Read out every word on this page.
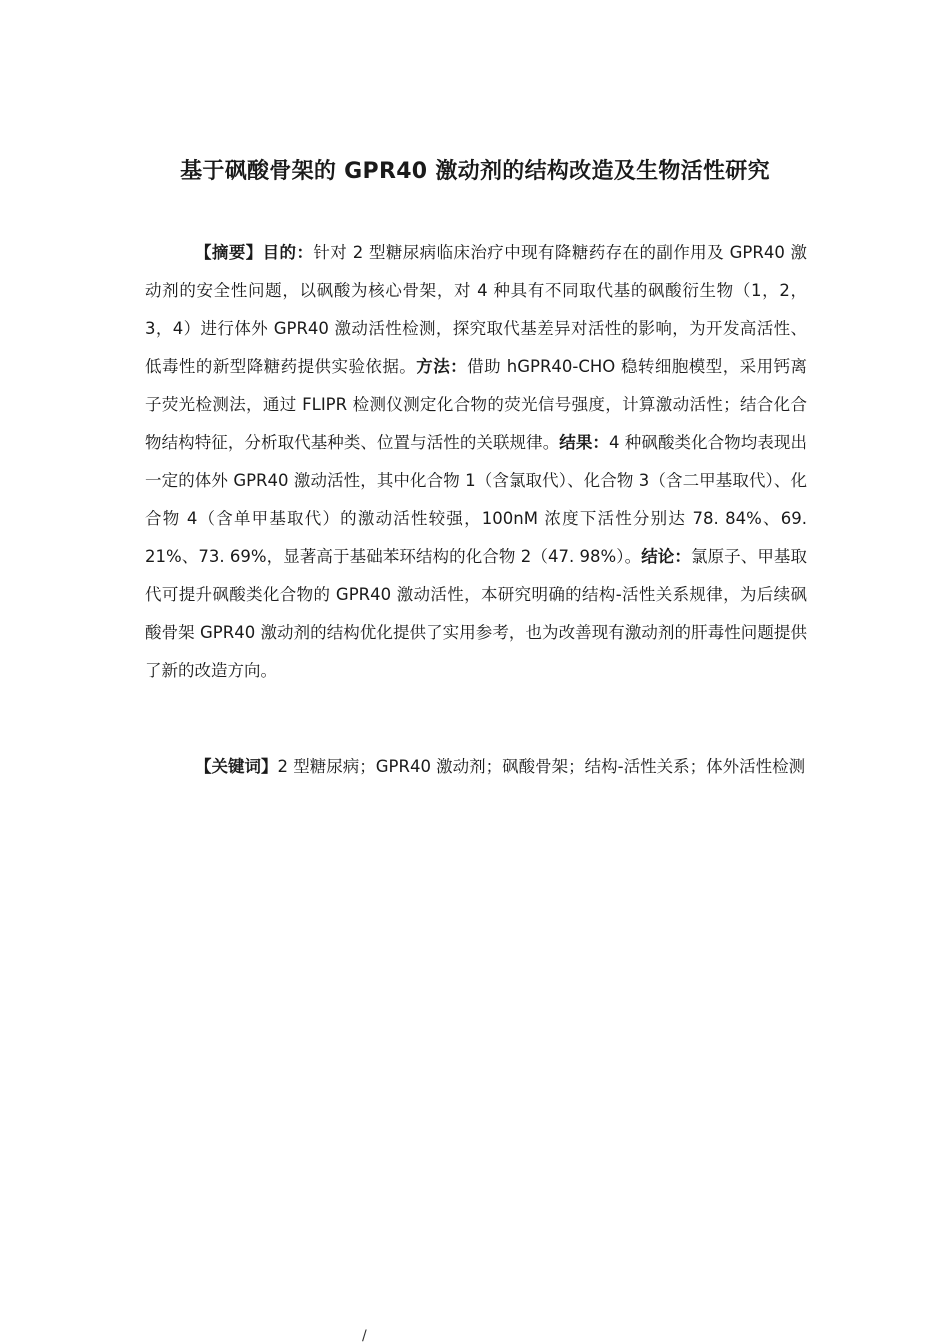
基于砜酸骨架的 GPR40 激动剂的结构改造及生物活性研究

【摘要】目的：针对 2 型糖尿病临床治疗中现有降糖药存在的副作用及 GPR40 激动剂的安全性问题，以砜酸为核心骨架，对 4 种具有不同取代基的砜酸衍生物（1，2，3，4）进行体外 GPR40 激动活性检测，探究取代基差异对活性的影响，为开发高活性、低毒性的新型降糖药提供实验依据。方法：借助 hGPR40-CHO 稳转细胞模型，采用钙离子荧光检测法，通过 FLIPR 检测仪测定化合物的荧光信号强度，计算激动活性；结合化合物结构特征，分析取代基种类、位置与活性的关联规律。结果：4 种砜酸类化合物均表现出一定的体外 GPR40 激动活性，其中化合物 1（含氯取代）、化合物 3（含二甲基取代）、化合物 4（含单甲基取代）的激动活性较强，100nM 浓度下活性分别达 78. 84%、69. 21%、73. 69%，显著高于基础苯环结构的化合物 2（47. 98%）。结论：氯原子、甲基取代可提升砜酸类化合物的 GPR40 激动活性，本研究明确的结构-活性关系规律，为后续砜酸骨架 GPR40 激动剂的结构优化提供了实用参考，也为改善现有激动剂的肝毒性问题提供了新的改造方向。

【关键词】2 型糖尿病；GPR40 激动剂；砜酸骨架；结构-活性关系；体外活性检测

/
